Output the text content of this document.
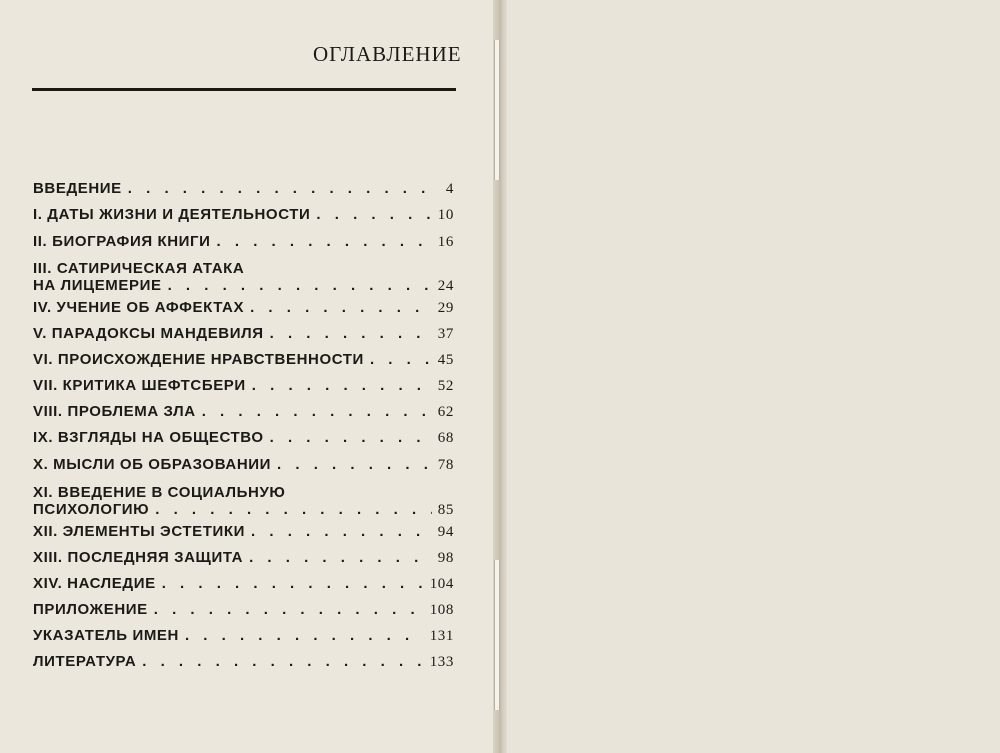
ОГЛАВЛЕНИЕ
ВВЕДЕНИЕ . . .	4
I. ДАТЫ ЖИЗНИ И ДЕЯТЕЛЬНОСТИ . . .	10
II. БИОГРАФИЯ КНИГИ . . .	16
III. САТИРИЧЕСКАЯ АТАКА
НА ЛИЦЕМЕРИЕ . . .	24
IV. УЧЕНИЕ ОБ АФФЕКТАХ . . .	29
V. ПАРАДОКСЫ МАНДЕВИЛЯ . . .	37
VI. ПРОИСХОЖДЕНИЕ НРАВСТВЕННОСТИ . . .	45
VII. КРИТИКА ШЕФТСБЕРИ . . .	52
VIII. ПРОБЛЕМА ЗЛА . . .	62
IX. ВЗГЛЯДЫ НА ОБЩЕСТВО . . .	68
X. МЫСЛИ ОБ ОБРАЗОВАНИИ . . .	78
XI. ВВЕДЕНИЕ В СОЦИАЛЬНУЮ
ПСИХОЛОГИЮ . . .	85
XII. ЭЛЕМЕНТЫ ЭСТЕТИКИ . . .	94
XIII. ПОСЛЕДНЯЯ ЗАЩИТА . . .	98
XIV. НАСЛЕДИЕ . . .	104
ПРИЛОЖЕНИЕ . . .	108
УКАЗАТЕЛЬ ИМЕН . . .	131
ЛИТЕРАТУРА . . .	133
